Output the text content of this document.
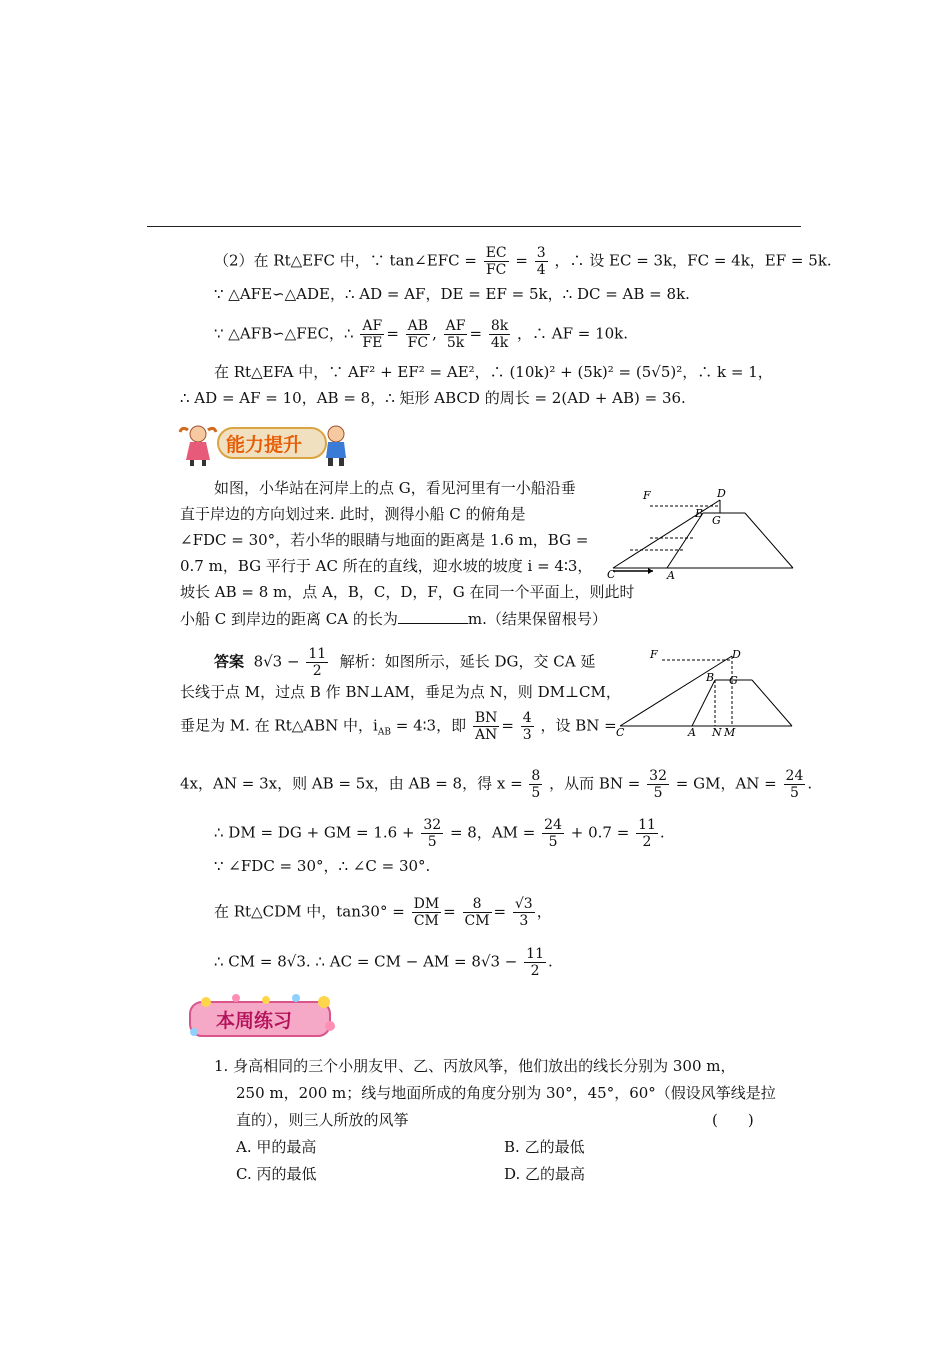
（2）在 Rt△EFC 中，∵ tan∠EFC = $\frac{EC}{FC} = \frac{3}{4}$ ，∴ 设 EC = 3k，FC = 4k，EF = 5k.
∵ △AFE∽△ADE，∴ AD = AF，DE = EF = 5k，∴ DC = AB = 8k.
∵ △AFB∽△FEC，∴ $\frac{AF}{FE} = \frac{AB}{FC}$ , $\frac{AF}{5k} = \frac{8k}{4k}$ ，∴ AF = 10k.
在 Rt△EFA 中，∵ AF² + EF² = AE²，∴ (10k)² + (5k)² = (5√5)²，∴ k = 1，
∴ AD = AF = 10，AB = 8，∴ 矩形 ABCD 的周长 = 2(AD + AB) = 36.
能力提升
如图，小华站在河岸上的点 G，看见河里有一小船沿垂
直于岸边的方向划过来. 此时，测得小船 C 的俯角是
∠FDC = 30°，若小华的眼睛与地面的距离是 1.6 m，BG =
0.7 m，BG 平行于 AC 所在的直线，迎水坡的坡度 i = 4∶3，
坡长 AB = 8 m，点 A，B，C，D，F，G 在同一个平面上，则此时
小船 C 到岸边的距离 CA 的长为	m.（结果保留根号）
F	D
B
G
C	A
答案 $8√3 - \frac{11}{2}$ 解析：如图所示，延长 DG，交 CA 延
长线于点 M，过点 B 作 BN⊥AM，垂足为点 N，则 DM⊥CM，
垂足为 M. 在 Rt△ABN 中，$i_{AB}$ = 4∶3，即 $\frac{BN}{AN} = \frac{4}{3}$ ，设 BN =
F	D
B G
C	A N M
4x，AN = 3x，则 AB = 5x，由 AB = 8，得 $x = \frac{8}{5}$ ，从而 BN = $\frac{32}{5}$ = GM，AN = $\frac{24}{5}$ .
∴ DM = DG + GM = $1.6 + \frac{32}{5} = 8$，AM = $\frac{24}{5} + 0.7 = \frac{11}{2}$ .
∵ ∠FDC = 30°，∴ ∠C = 30°.
在 Rt△CDM 中，$\tan 30^\circ = \frac{DM}{CM} = \frac{8}{CM} = \frac{√3}{3}$ ，
∴ CM = 8√3. ∴ AC = CM − AM = $8√3 - \frac{11}{2}$ .
本周练习
1. 身高相同的三个小朋友甲、乙、丙放风筝，他们放出的线长分别为 300 m，
250 m，200 m；线与地面所成的角度分别为 30°，45°，60°（假设风筝线是拉
直的），则三人所放的风筝	(　　)
A. 甲的最高	B. 乙的最低
C. 丙的最低	D. 乙的最高
